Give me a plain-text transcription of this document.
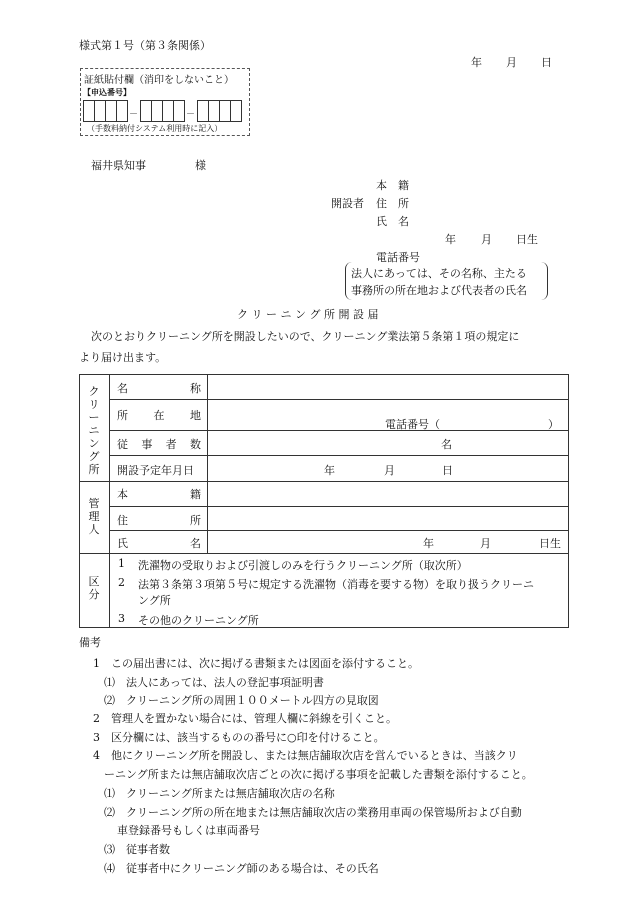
様式第１号（第３条関係）
年 月 日
証紙貼付欄（消印をしないこと）
【申込番号】
－	－
（手数料納付システム利用時に記入）
福井県知事	様
本　籍
開設者 住　所
氏　名
年 月 日生
電話番号
法人にあっては、その名称、主たる
事務所の所在地および代表者の氏名
ク リ ー ニ ン グ 所 開 設 届
次のとおりクリーニング所を開設したいので、クリーニング業法第５条第１項の規定に
より届け出ます。
ク
リ
ー
ニ
ン
グ
所
名	称
所 在 地
電話番号（	）
従 事 者 数	名
開設予定年月日	年	月	日
管
理
人
本	籍
住	所
氏	名	年	月	日生
区
分
1 洗濯物の受取りおよび引渡しのみを行うクリーニング所（取次所）
2 法第３条第３項第５号に規定する洗濯物（消毒を要する物）を取り扱うクリーニ
ング所
3 その他のクリーニング所
備考
1　この届出書には、次に掲げる書類または図面を添付すること。
⑴　法人にあっては、法人の登記事項証明書
⑵　クリーニング所の周囲１００メートル四方の見取図
2　管理人を置かない場合には、管理人欄に斜線を引くこと。
3　区分欄には、該当するものの番号に○印を付けること。
4　他にクリーニング所を開設し、または無店舗取次店を営んでいるときは、当該クリ
ーニング所または無店舗取次店ごとの次に掲げる事項を記載した書類を添付すること。
⑴　クリーニング所または無店舗取次店の名称
⑵　クリーニング所の所在地または無店舗取次店の業務用車両の保管場所および自動
車登録番号もしくは車両番号
⑶　従事者数
⑷　従事者中にクリーニング師のある場合は、その氏名
